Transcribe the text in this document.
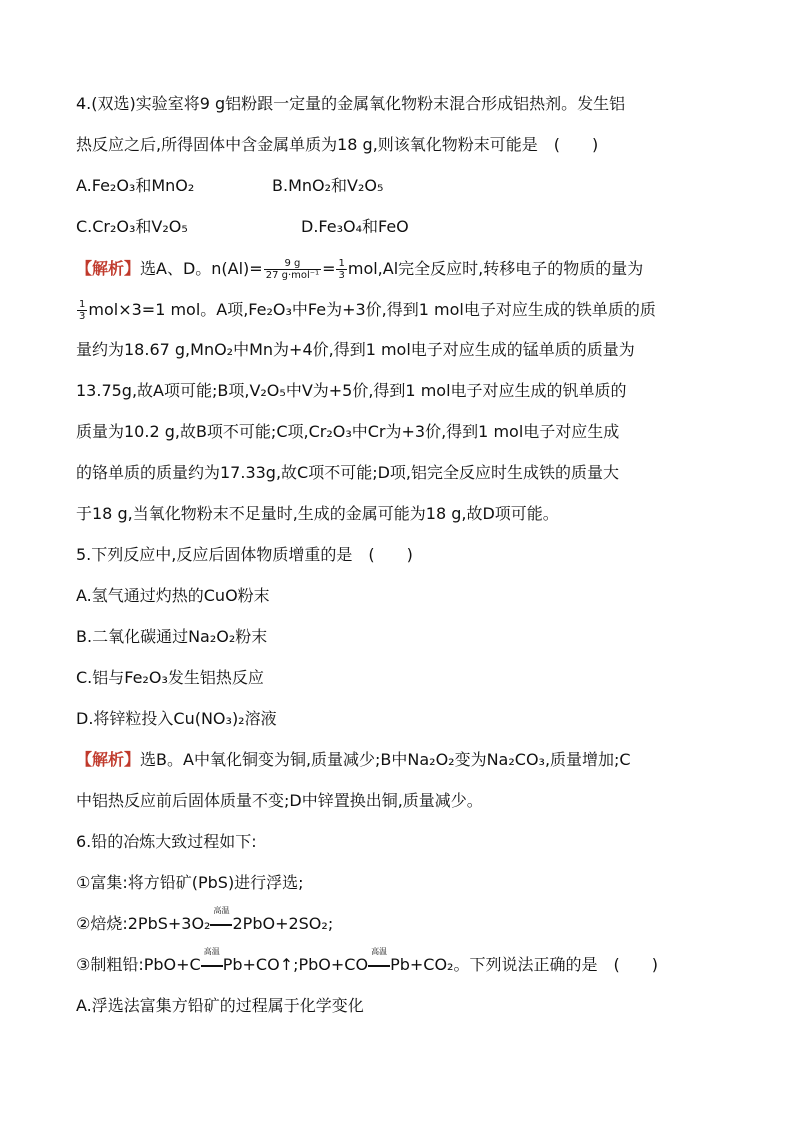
4.(双选)实验室将9 g铝粉跟一定量的金属氧化物粉末混合形成铝热剂。发生铝
热反应之后,所得固体中含金属单质为18 g,则该氧化物粉末可能是　(　　)
A.Fe₂O₃和MnO₂	B.MnO₂和V₂O₅
C.Cr₂O₃和V₂O₅	D.Fe₃O₄和FeO
【解析】选A、D。$n(Al)= \frac{9 g}{\text{27 g·mol⁻¹}} = \frac{1}{3} mol,Al$完全反应时,转移电子的物质的量为
$\frac{1}{3} mol\times 3=1$ mol。A项,Fe₂O₃中Fe为+3价,得到1 mol电子对应生成的铁单质的质
量约为18.67 g,MnO₂中Mn为+4价,得到1 mol电子对应生成的锰单质的质量为
13.75g,故A项可能;B项,V₂O₅中V为+5价,得到1 mol电子对应生成的钒单质的
质量为10.2 g,故B项不可能;C项,Cr₂O₃中Cr为+3价,得到1 mol电子对应生成
的铬单质的质量约为17.33g,故C项不可能;D项,铝完全反应时生成铁的质量大
于18 g,当氧化物粉末不足量时,生成的金属可能为18 g,故D项可能。
5.下列反应中,反应后固体物质增重的是　(　　)
A.氢气通过灼热的CuO粉末
B.二氧化碳通过Na₂O₂粉末
C.铝与Fe₂O₃发生铝热反应
D.将锌粒投入Cu(NO₃)₂溶液
【解析】选B。A中氧化铜变为铜,质量减少;B中Na₂O₂变为Na₂CO₃,质量增加;C
中铝热反应前后固体质量不变;D中锌置换出铜,质量减少。
6.铅的冶炼大致过程如下:
①富集:将方铅矿(PbS)进行浮选;
②焙烧:2PbS+3O₂
高温
2PbO+2SO₂;
③制粗铅:PbO+C
高温
Pb+CO↑;PbO+CO
高温
Pb+CO₂。下列说法正确的是　(　　)
A.浮选法富集方铅矿的过程属于化学变化
